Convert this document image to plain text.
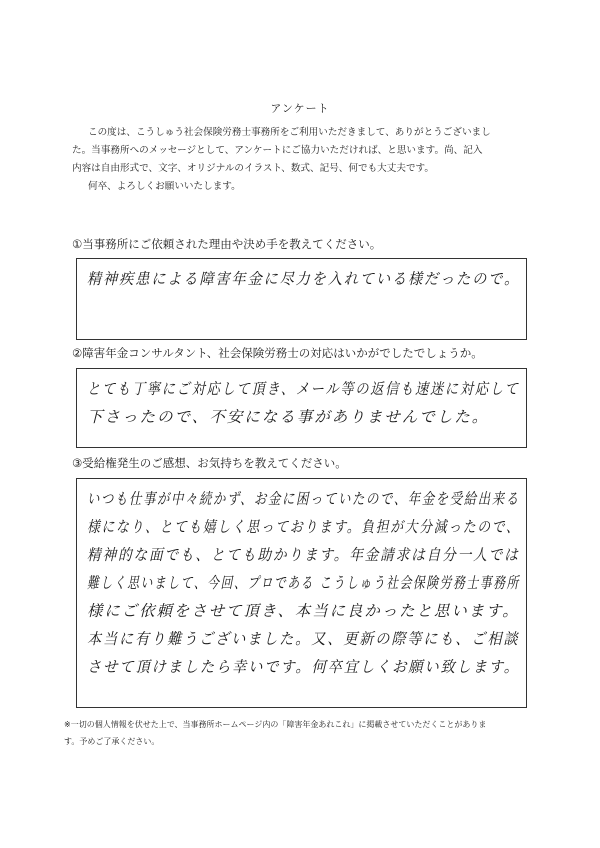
アンケート

この度は、こうしゅう社会保険労務士事務所をご利用いただきまして、ありがとうございまし

た。当事務所へのメッセージとして、アンケートにご協力いただければ、と思います。尚、記入

内容は自由形式で、文字、オリジナルのイラスト、数式、記号、何でも大丈夫です。

何卒、よろしくお願いいたします。

①当事務所にご依頼された理由や決め手を教えてください。
精神疾患による障害年金に尽力を入れている様だったので。
②障害年金コンサルタント、社会保険労務士の対応はいかがでしたでしょうか。
とても丁寧にご対応して頂き、メール等の返信も速迷に対応して
下さったので、不安になる事がありませんでした。
③受給権発生のご感想、お気持ちを教えてください。
いつも仕事が中々続かず、お金に困っていたので、年金を受給出来る
様になり、とても嬉しく思っております。負担が大分減ったので、
精神的な面でも、とても助かります。年金請求は自分一人では
難しく思いまして、今回、プロである こうしゅう社会保険労務士事務所
様にご依頼をさせて頂き、本当に良かったと思います。
本当に有り難うございました。又、更新の際等にも、ご相談
させて頂けましたら幸いです。何卒宜しくお願い致します。
※一切の個人情報を伏せた上で、当事務所ホームページ内の「障害年金あれこれ」に掲載させていただくことがありま
す。予めご了承ください。
